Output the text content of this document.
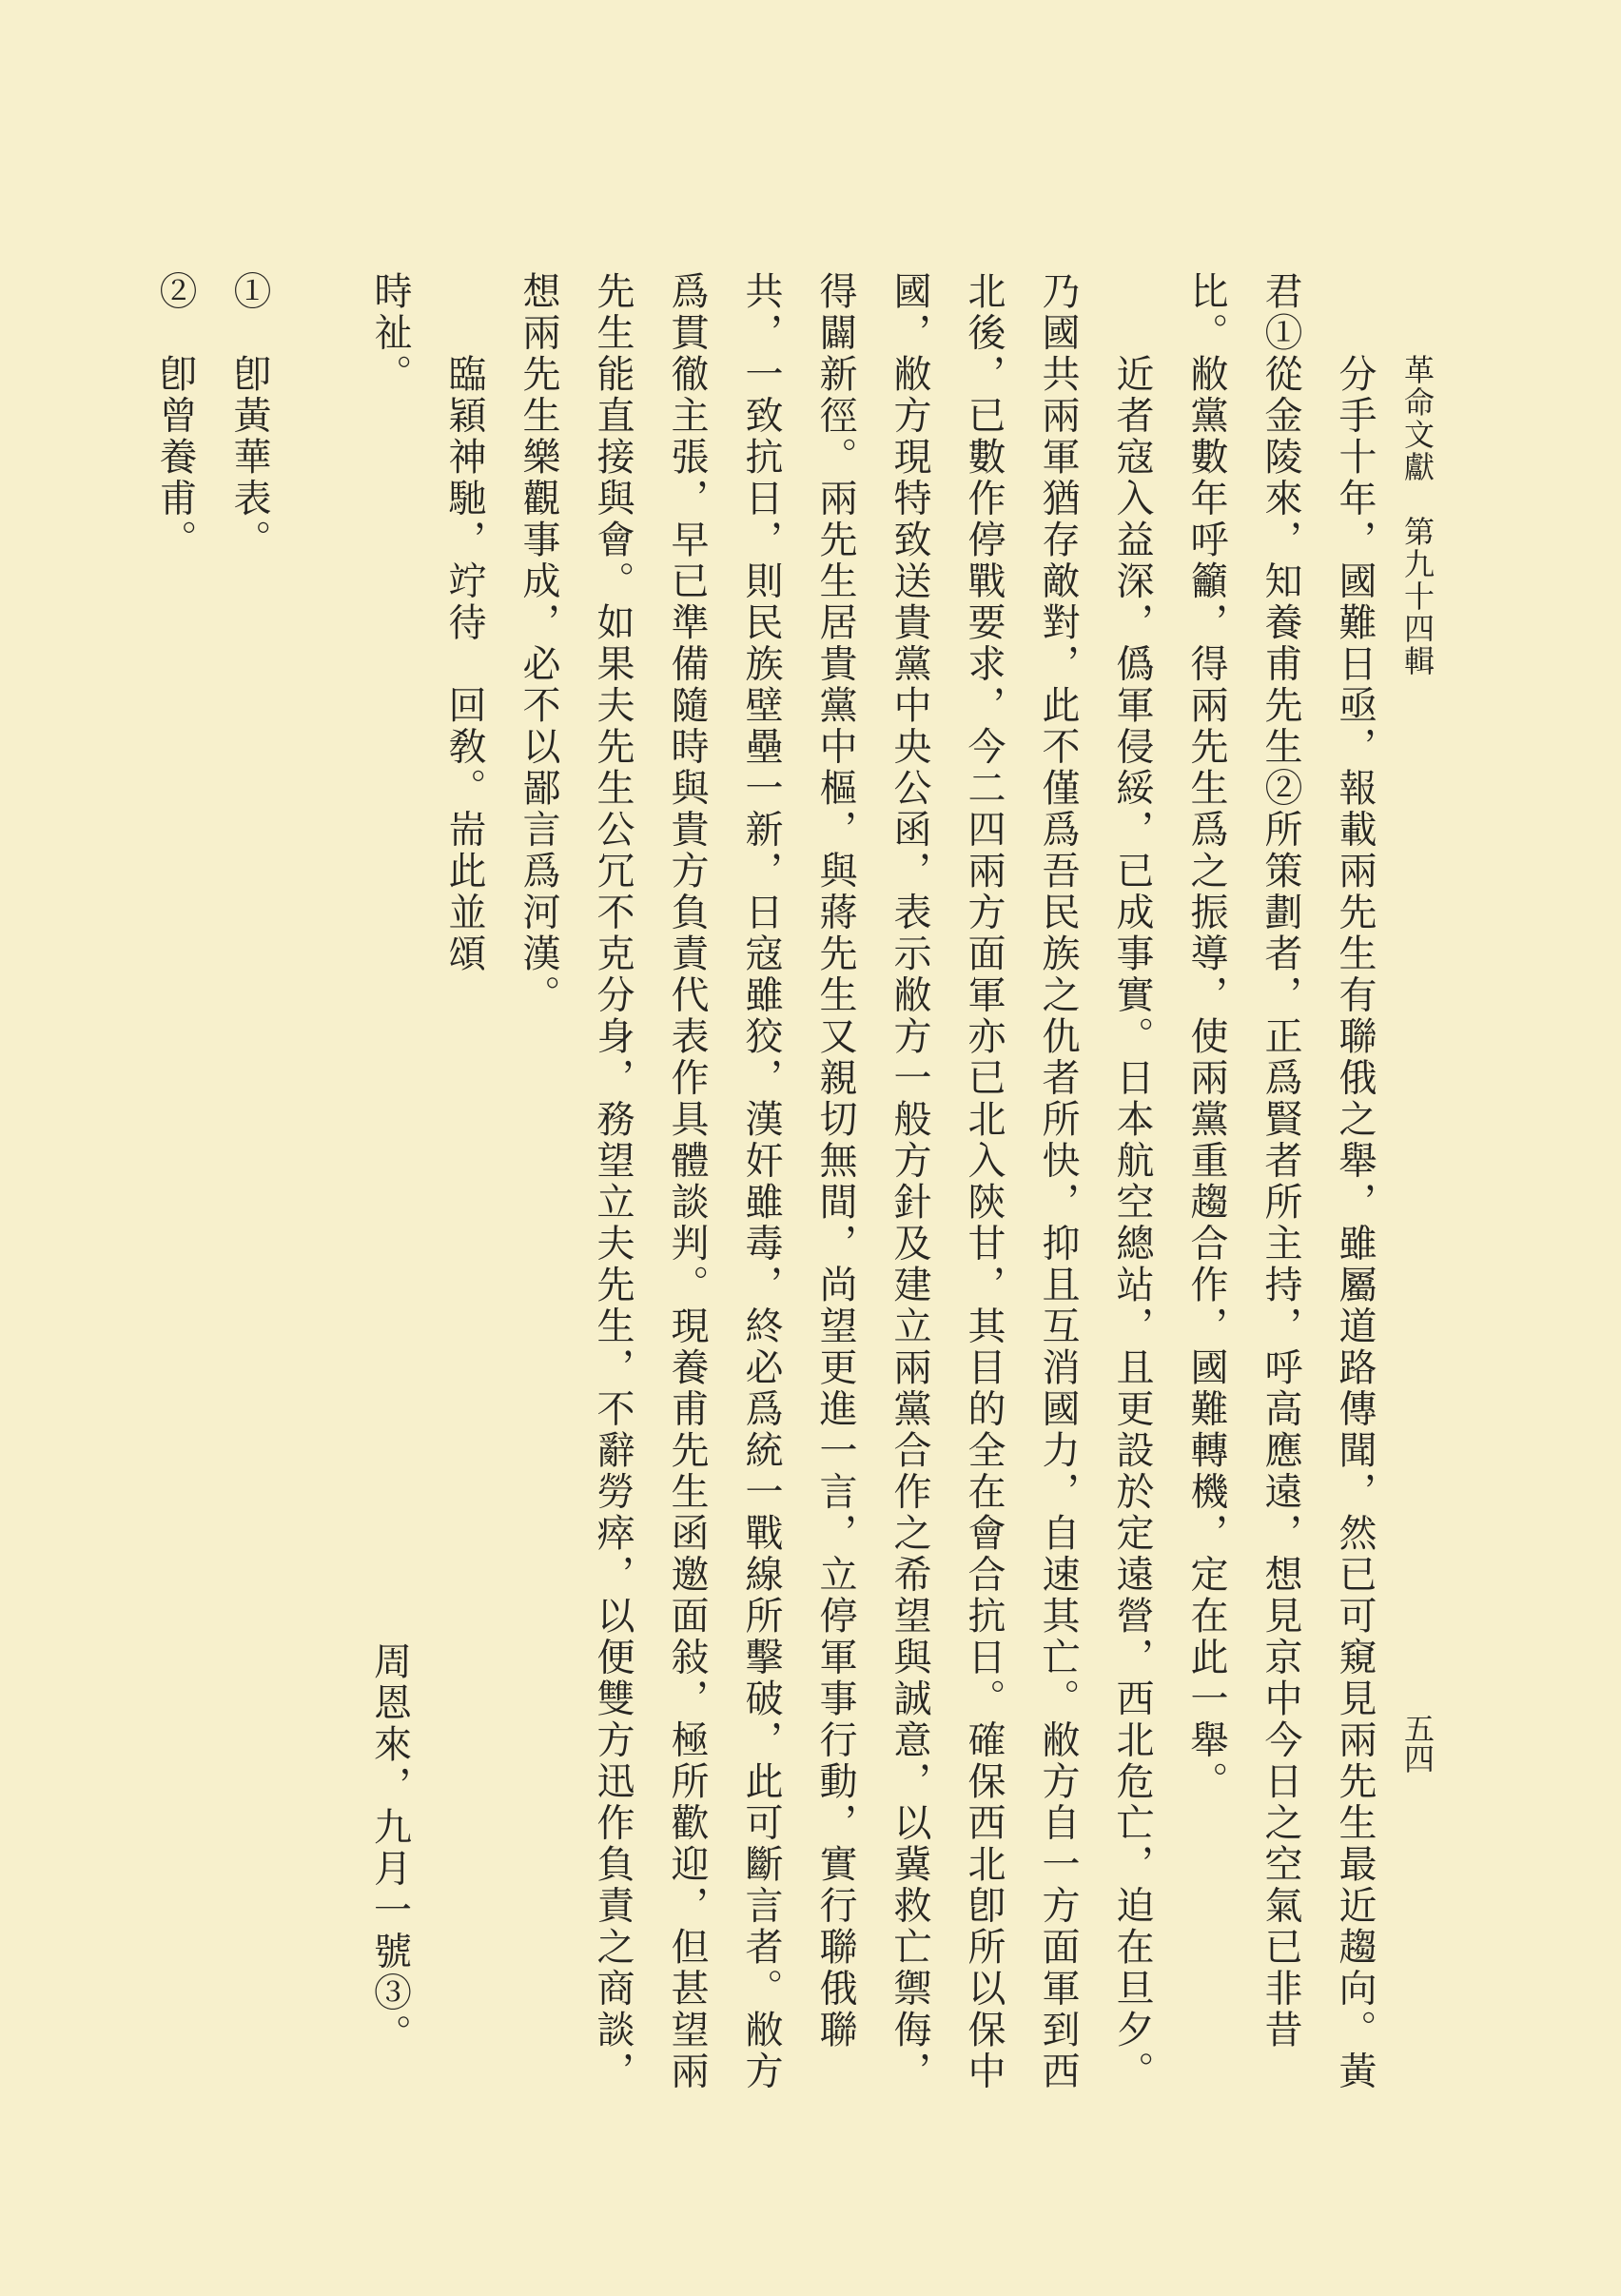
革命文獻　第九十四輯
五四
分手十年，國難日亟，報載兩先生有聯俄之舉，雖屬道路傳聞，然已可窺見兩先生最近趨向。黃
君①從金陵來，知養甫先生②所策劃者，正爲賢者所主持，呼高應遠，想見京中今日之空氣已非昔
比。敝黨數年呼籲，得兩先生爲之振導，使兩黨重趨合作，國難轉機，定在此一舉。
近者寇入益深，僞軍侵綏，已成事實。日本航空總站，且更設於定遠營，西北危亡，迫在旦夕。
乃國共兩軍猶存敵對，此不僅爲吾民族之仇者所快，抑且互消國力，自速其亡。敝方自一方面軍到西
北後，已數作停戰要求，今二四兩方面軍亦已北入陝甘，其目的全在會合抗日。確保西北卽所以保中
國，敝方現特致送貴黨中央公函，表示敝方一般方針及建立兩黨合作之希望與誠意，以冀救亡禦侮，
得闢新徑。兩先生居貴黨中樞，與蔣先生又親切無間，尚望更進一言，立停軍事行動，實行聯俄聯
共，一致抗日，則民族壁壘一新，日寇雖狡，漢奸雖毒，終必爲統一戰線所擊破，此可斷言者。敝方
爲貫徹主張，早已準備隨時與貴方負責代表作具體談判。現養甫先生函邀面敍，極所歡迎，但甚望兩
先生能直接與會。如果夫先生公冗不克分身，務望立夫先生，不辭勞瘁，以便雙方迅作負責之商談，
想兩先生樂觀事成，必不以鄙言爲河漢。
臨穎神馳，竚待　回敎。耑此並頌
時祉。
周恩來，九月一號③。
①　卽黃華表。
②　卽曾養甫。
